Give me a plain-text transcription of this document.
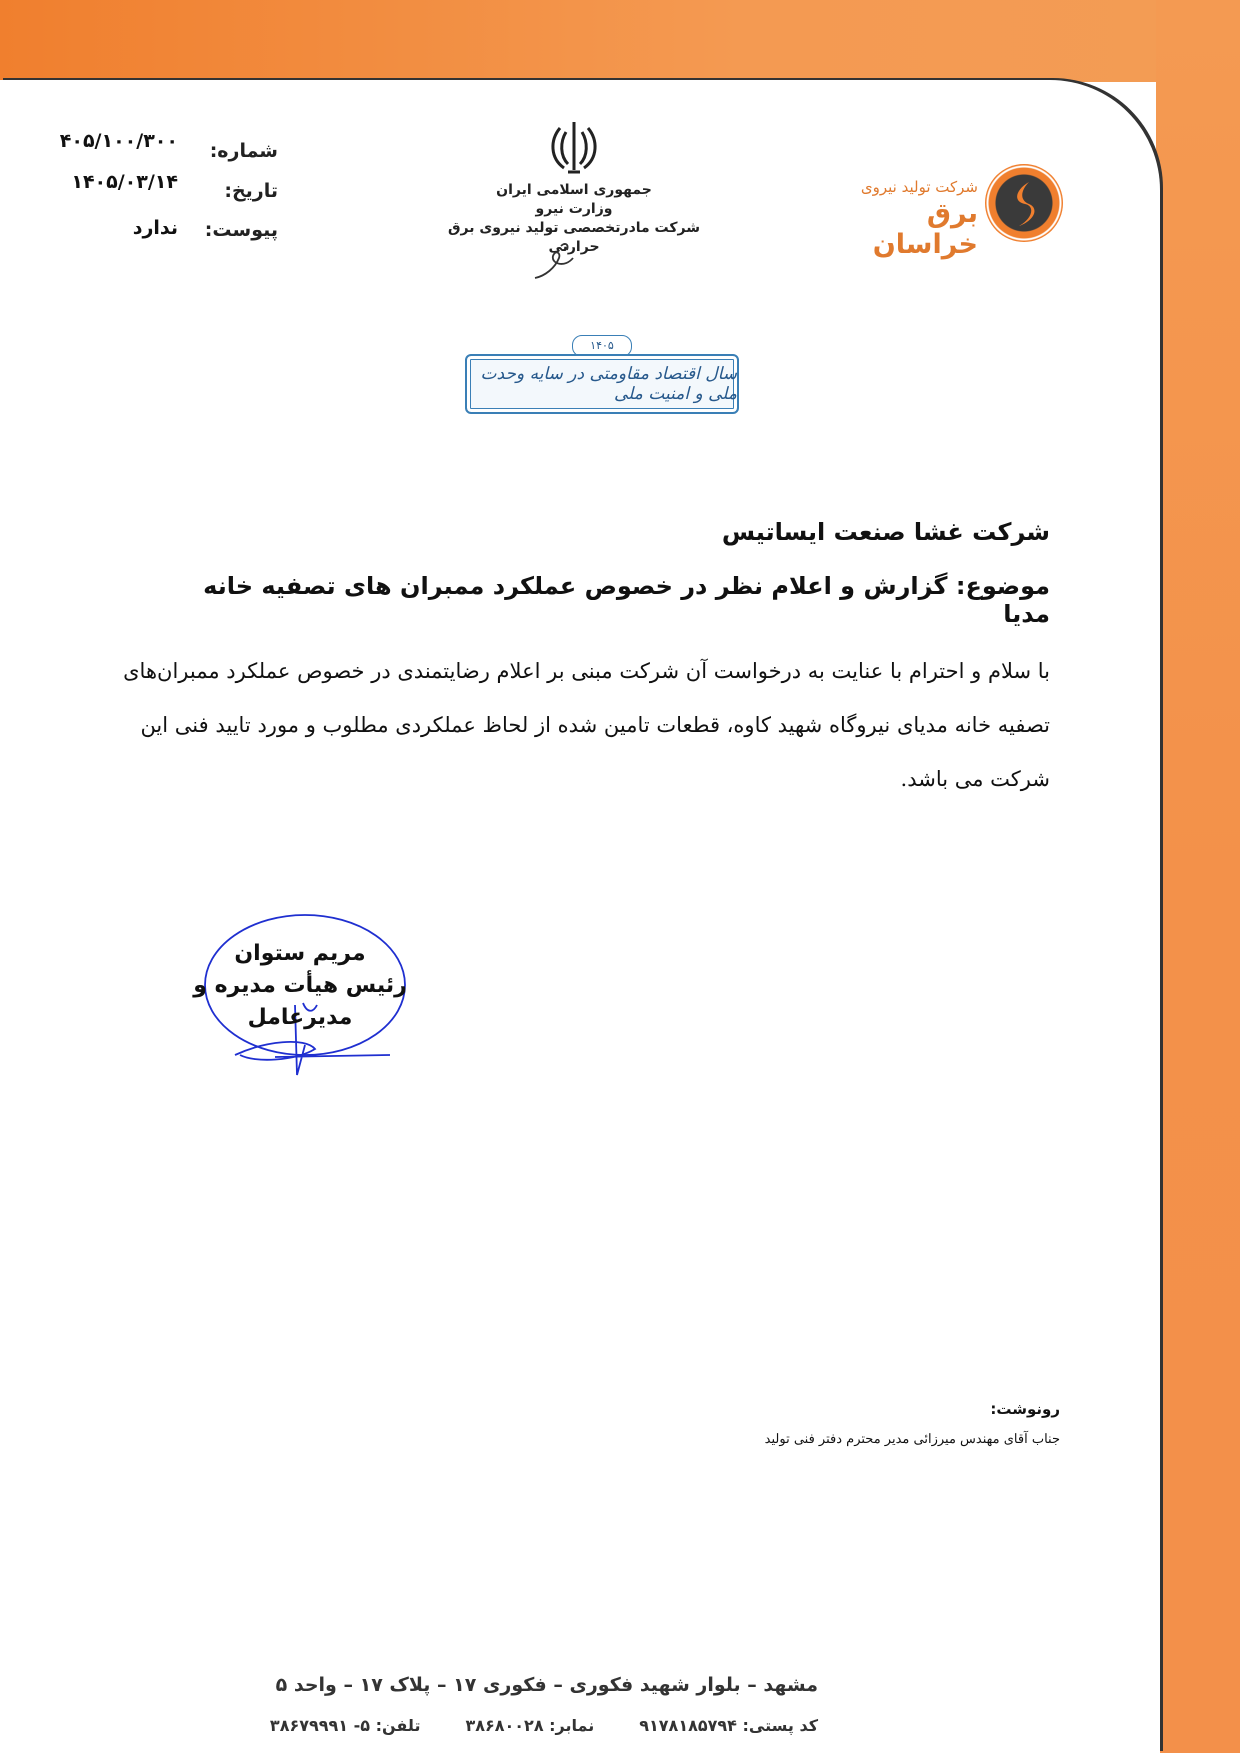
شماره:
۴۰۵/۱۰۰/۳۰۰
تاریخ:
۱۴۰۵/۰۳/۱۴
پیوست:
ندارد
جمهوری اسلامی ایران
وزارت نیرو
شرکت مادرتخصصی تولید نیروی برق حرارتی
شرکت تولید نیروی
برق خراسان
۱۴۰۵
سال اقتصاد مقاومتی در سایه وحدت ملی و امنیت ملی
شرکت غشا صنعت ایساتیس
موضوع: گزارش و اعلام نظر در خصوص عملکرد ممبران های تصفیه خانه مدیا
با سلام و احترام با عنایت به درخواست آن شرکت مبنی بر اعلام رضایتمندی در خصوص عملکرد ممبران‌های
تصفیه خانه مدیای نیروگاه شهید کاوه، قطعات تامین شده از لحاظ عملکردی مطلوب و مورد تایید فنی این
شرکت می باشد.
مریم ستوان
رئیس هیأت مدیره و مدیرعامل
رونوشت:
جناب آقای مهندس میرزائی مدیر محترم دفتر فنی تولید
مشهد – بلوار شهید فکوری – فکوری ۱۷ – پلاک ۱۷ – واحد ۵
کد پستی: ۹۱۷۸۱۸۵۷۹۴
نمابر: ۳۸۶۸۰۰۲۸
تلفن: ۵- ۳۸۶۷۹۹۹۱
